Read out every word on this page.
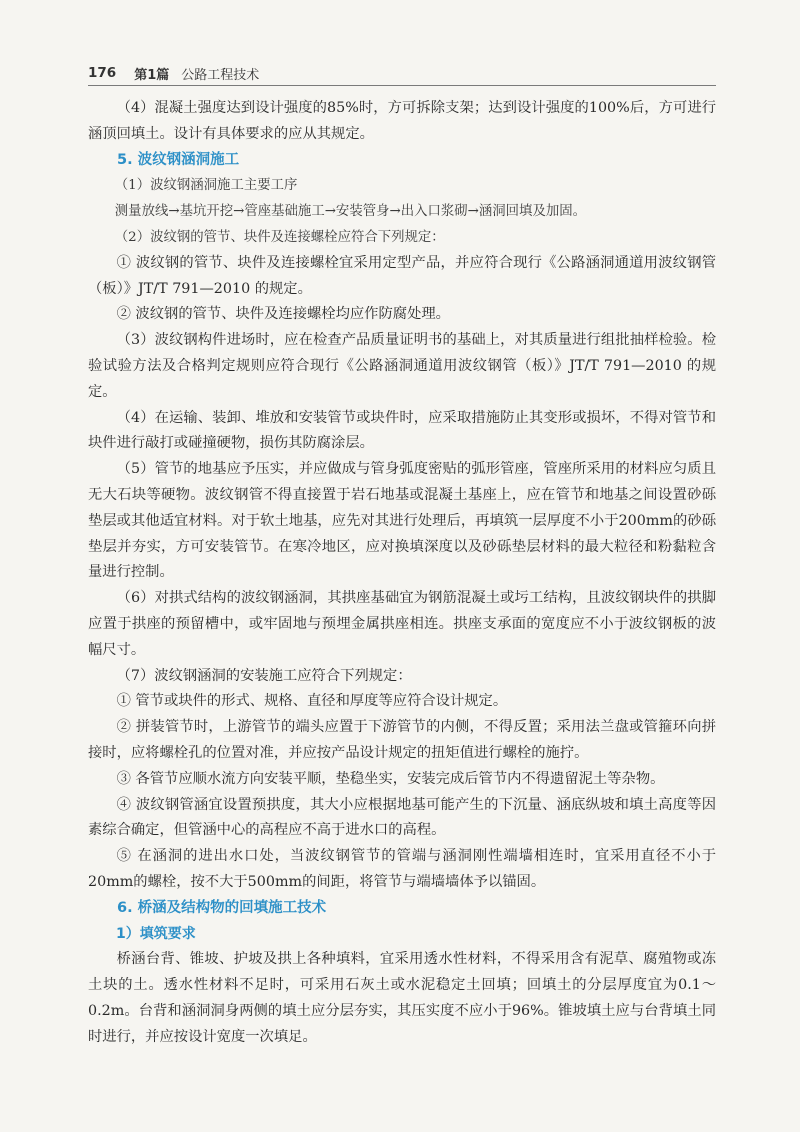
176 第1篇 公路工程技术

（4）混凝土强度达到设计强度的85%时，方可拆除支架；达到设计强度的100%后，方可进行涵顶回填土。设计有具体要求的应从其规定。

5. 波纹钢涵洞施工

（1）波纹钢涵洞施工主要工序

测量放线→基坑开挖→管座基础施工→安装管身→出入口浆砌→涵洞回填及加固。

（2）波纹钢的管节、块件及连接螺栓应符合下列规定：

① 波纹钢的管节、块件及连接螺栓宜采用定型产品，并应符合现行《公路涵洞通道用波纹钢管（板）》JT/T 791—2010 的规定。

② 波纹钢的管节、块件及连接螺栓均应作防腐处理。

（3）波纹钢构件进场时，应在检查产品质量证明书的基础上，对其质量进行组批抽样检验。检验试验方法及合格判定规则应符合现行《公路涵洞通道用波纹钢管（板）》JT/T 791—2010 的规定。

（4）在运输、装卸、堆放和安装管节或块件时，应采取措施防止其变形或损坏，不得对管节和块件进行敲打或碰撞硬物，损伤其防腐涂层。

（5）管节的地基应予压实，并应做成与管身弧度密贴的弧形管座，管座所采用的材料应匀质且无大石块等硬物。波纹钢管不得直接置于岩石地基或混凝土基座上，应在管节和地基之间设置砂砾垫层或其他适宜材料。对于软土地基，应先对其进行处理后，再填筑一层厚度不小于200mm的砂砾垫层并夯实，方可安装管节。在寒冷地区，应对换填深度以及砂砾垫层材料的最大粒径和粉黏粒含量进行控制。

（6）对拱式结构的波纹钢涵洞，其拱座基础宜为钢筋混凝土或圬工结构，且波纹钢块件的拱脚应置于拱座的预留槽中，或牢固地与预埋金属拱座相连。拱座支承面的宽度应不小于波纹钢板的波幅尺寸。

（7）波纹钢涵洞的安装施工应符合下列规定：

① 管节或块件的形式、规格、直径和厚度等应符合设计规定。

② 拼装管节时，上游管节的端头应置于下游管节的内侧，不得反置；采用法兰盘或管箍环向拼接时，应将螺栓孔的位置对准，并应按产品设计规定的扭矩值进行螺栓的施拧。

③ 各管节应顺水流方向安装平顺，垫稳坐实，安装完成后管节内不得遗留泥土等杂物。

④ 波纹钢管涵宜设置预拱度，其大小应根据地基可能产生的下沉量、涵底纵坡和填土高度等因素综合确定，但管涵中心的高程应不高于进水口的高程。

⑤ 在涵洞的进出水口处，当波纹钢管节的管端与涵洞刚性端墙相连时，宜采用直径不小于20mm的螺栓，按不大于500mm的间距，将管节与端墙墙体予以锚固。

6. 桥涵及结构物的回填施工技术

1）填筑要求

桥涵台背、锥坡、护坡及拱上各种填料，宜采用透水性材料，不得采用含有泥草、腐殖物或冻土块的土。透水性材料不足时，可采用石灰土或水泥稳定土回填；回填土的分层厚度宜为0.1～0.2m。台背和涵洞洞身两侧的填土应分层夯实，其压实度不应小于96%。锥坡填土应与台背填土同时进行，并应按设计宽度一次填足。
